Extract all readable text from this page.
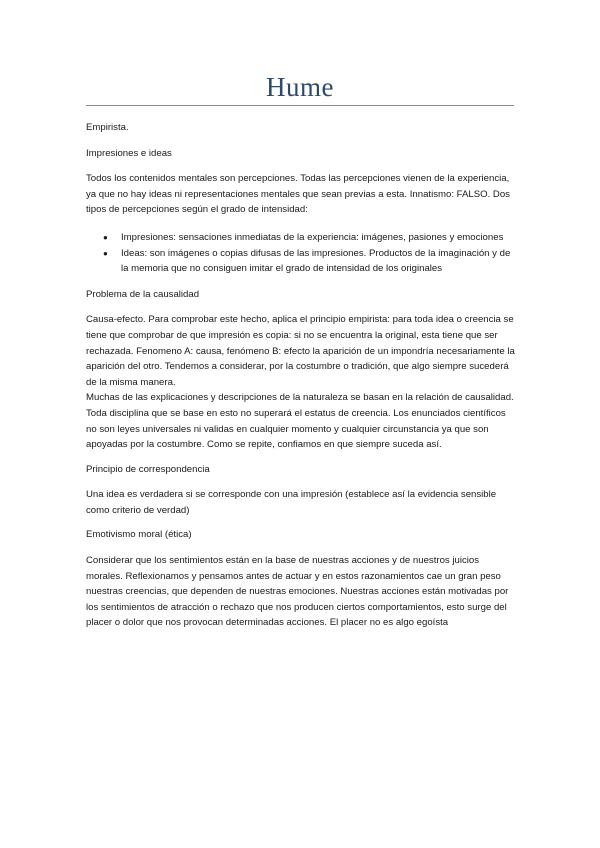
Hume

Empirista.

Impresiones e ideas

Todos los contenidos mentales son percepciones. Todas las percepciones vienen de la experiencia, ya que no hay ideas ni representaciones mentales que sean previas a esta. Innatismo: FALSO. Dos tipos de percepciones según el grado de intensidad:

● Impresiones: sensaciones inmediatas de la experiencia: imágenes, pasiones y emociones
● Ideas: son imágenes o copias difusas de las impresiones. Productos de la imaginación y de la memoria que no consiguen imitar el grado de intensidad de los originales

Problema de la causalidad

Causa-efecto. Para comprobar este hecho, aplica el principio empirista: para toda idea o creencia se tiene que comprobar de que impresión es copia: si no se encuentra la original, esta tiene que ser rechazada. Fenomeno A: causa, fenómeno B: efecto la aparición de un impondría necesariamente la aparición del otro. Tendemos a considerar, por la costumbre o tradición, que algo siempre sucederá de la misma manera.

Muchas de las explicaciones y descripciones de la naturaleza se basan en la relación de causalidad. Toda disciplina que se base en esto no superará el estatus de creencia. Los enunciados científicos no son leyes universales ni validas en cualquier momento y cualquier circunstancia ya que son apoyadas por la costumbre. Como se repite, confiamos en que siempre suceda así.

Principio de correspondencia

Una idea es verdadera si se corresponde con una impresión (establece así la evidencia sensible como criterio de verdad)

Emotivismo moral (ética)

Considerar que los sentimientos están en la base de nuestras acciones y de nuestros juicios morales. Reflexionamos y pensamos antes de actuar y en estos razonamientos cae un gran peso nuestras creencias, que dependen de nuestras emociones. Nuestras acciones están motivadas por los sentimientos de atracción o rechazo que nos producen ciertos comportamientos, esto surge del placer o dolor que nos provocan determinadas acciones. El placer no es algo egoísta
